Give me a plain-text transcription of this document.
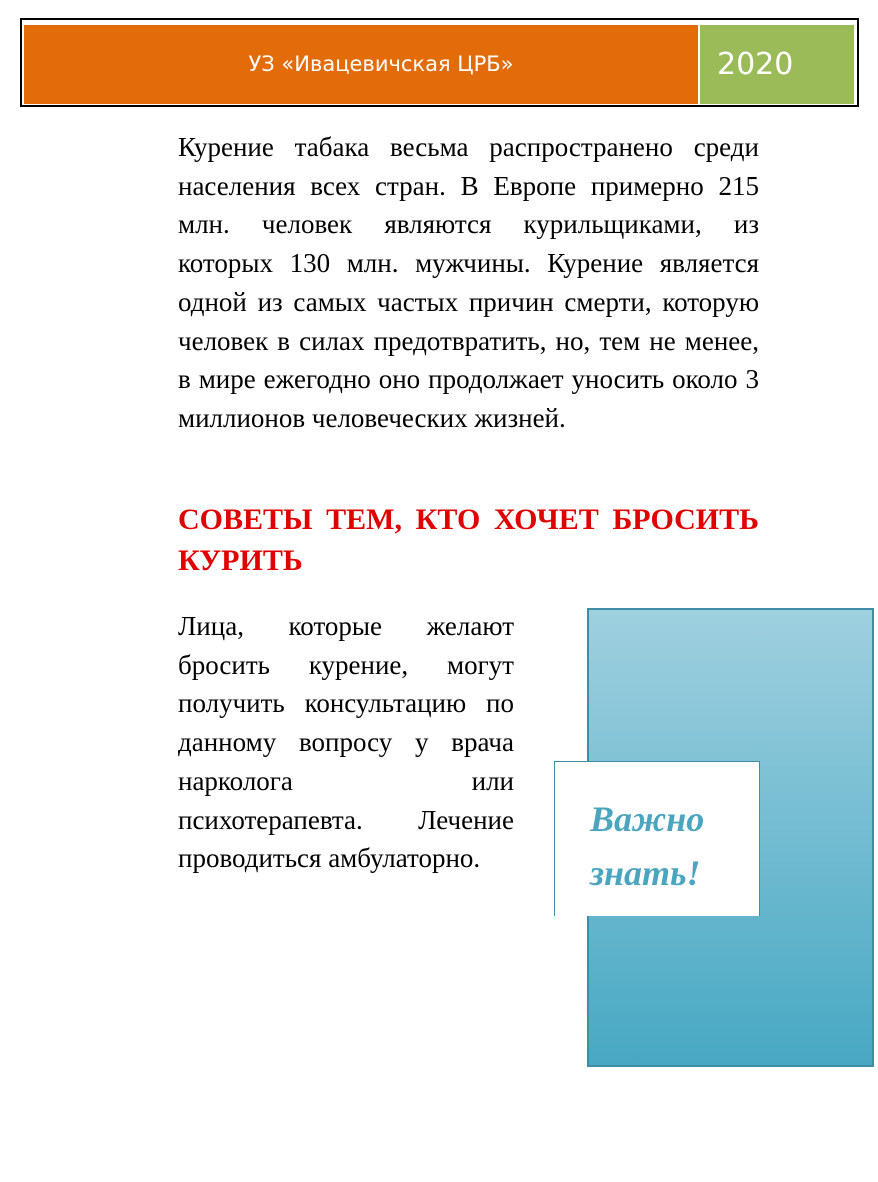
УЗ «Ивацевичская ЦРБ»	2020

Курение табака весьма распространено среди населения всех стран. В Европе примерно 215 млн. человек являются курильщиками, из которых 130 млн. мужчины. Курение является одной из самых частых причин смерти, которую человек в силах предотвратить, но, тем не менее, в мире ежегодно оно продолжает уносить около 3 миллионов человеческих жизней.

СОВЕТЫ ТЕМ, КТО ХОЧЕТ БРОСИТЬ КУРИТЬ

Лица, которые желают бросить курение, могут получить консультацию по данному вопросу у врача нарколога или психотерапевта. Лечение проводиться амбулаторно.

Важно знать!
